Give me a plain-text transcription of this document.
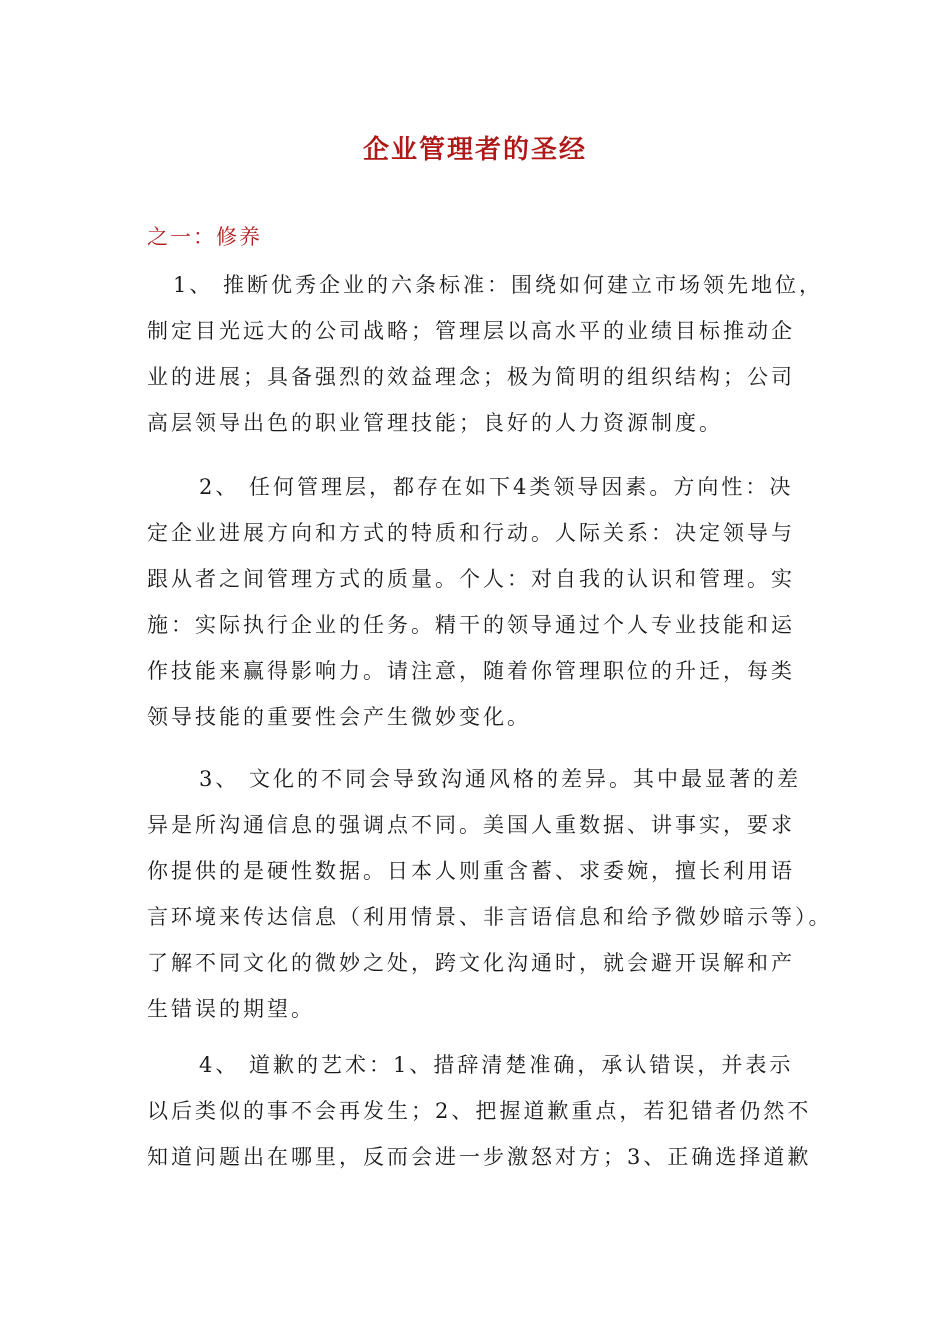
企业管理者的圣经
之一：修养
1、 推断优秀企业的六条标准：围绕如何建立市场领先地位，
制定目光远大的公司战略；管理层以高水平的业绩目标推动企
业的进展；具备强烈的效益理念；极为简明的组织结构；公司
高层领导出色的职业管理技能；良好的人力资源制度。
2、 任何管理层，都存在如下4类领导因素。方向性：决
定企业进展方向和方式的特质和行动。人际关系：决定领导与
跟从者之间管理方式的质量。个人：对自我的认识和管理。实
施：实际执行企业的任务。精干的领导通过个人专业技能和运
作技能来赢得影响力。请注意，随着你管理职位的升迁，每类
领导技能的重要性会产生微妙变化。
3、 文化的不同会导致沟通风格的差异。其中最显著的差
异是所沟通信息的强调点不同。美国人重数据、讲事实，要求
你提供的是硬性数据。日本人则重含蓄、求委婉，擅长利用语
言环境来传达信息（利用情景、非言语信息和给予微妙暗示等）。
了解不同文化的微妙之处，跨文化沟通时，就会避开误解和产
生错误的期望。
4、 道歉的艺术：1、措辞清楚准确，承认错误，并表示
以后类似的事不会再发生；2、把握道歉重点，若犯错者仍然不
知道问题出在哪里，反而会进一步激怒对方；3、正确选择道歉
